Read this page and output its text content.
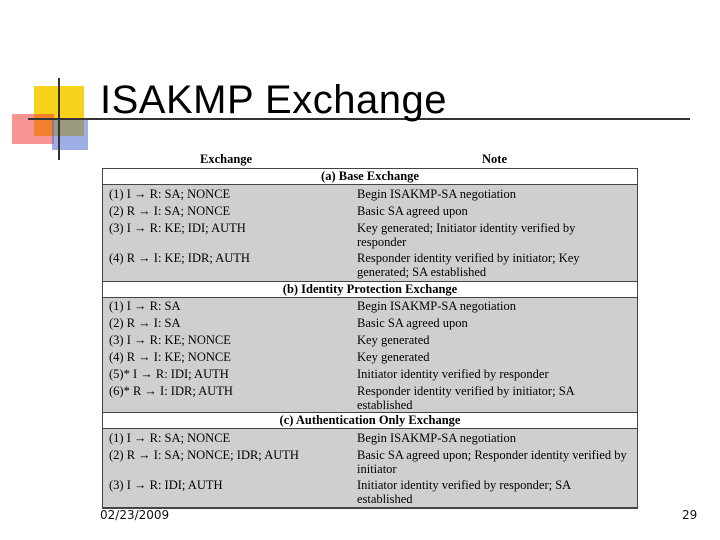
ISAKMP Exchange
Exchange	Note
(a) Base Exchange
(1) I → R: SA; NONCE	Begin ISAKMP-SA negotiation
(2) R → I: SA; NONCE	Basic SA agreed upon
(3) I → R: KE; IDI; AUTH	Key generated; Initiator identity verified by responder
(4) R → I: KE; IDR; AUTH	Responder identity verified by initiator; Key generated; SA established
(b) Identity Protection Exchange
(1) I → R: SA	Begin ISAKMP-SA negotiation
(2) R → I: SA	Basic SA agreed upon
(3) I → R: KE; NONCE	Key generated
(4) R → I: KE; NONCE	Key generated
(5)* I → R: IDI; AUTH	Initiator identity verified by responder
(6)* R → I: IDR; AUTH	Responder identity verified by initiator; SA established
(c) Authentication Only Exchange
(1) I → R: SA; NONCE	Begin ISAKMP-SA negotiation
(2) R → I: SA; NONCE; IDR; AUTH	Basic SA agreed upon; Responder identity verified by initiator
(3) I → R: IDI; AUTH	Initiator identity verified by responder; SA established
02/23/2009	29
